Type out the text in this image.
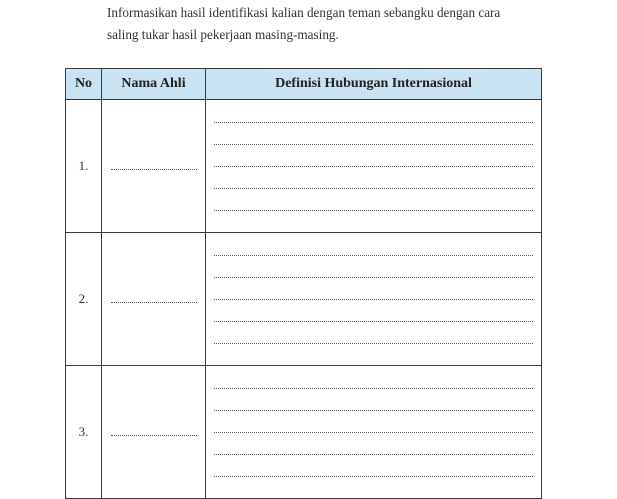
Informasikan hasil identifikasi kalian dengan teman sebangku dengan cara

saling tukar hasil pekerjaan masing-masing.

No	Nama Ahli	Definisi Hubungan Internasional
1.		

2.		

3.		
